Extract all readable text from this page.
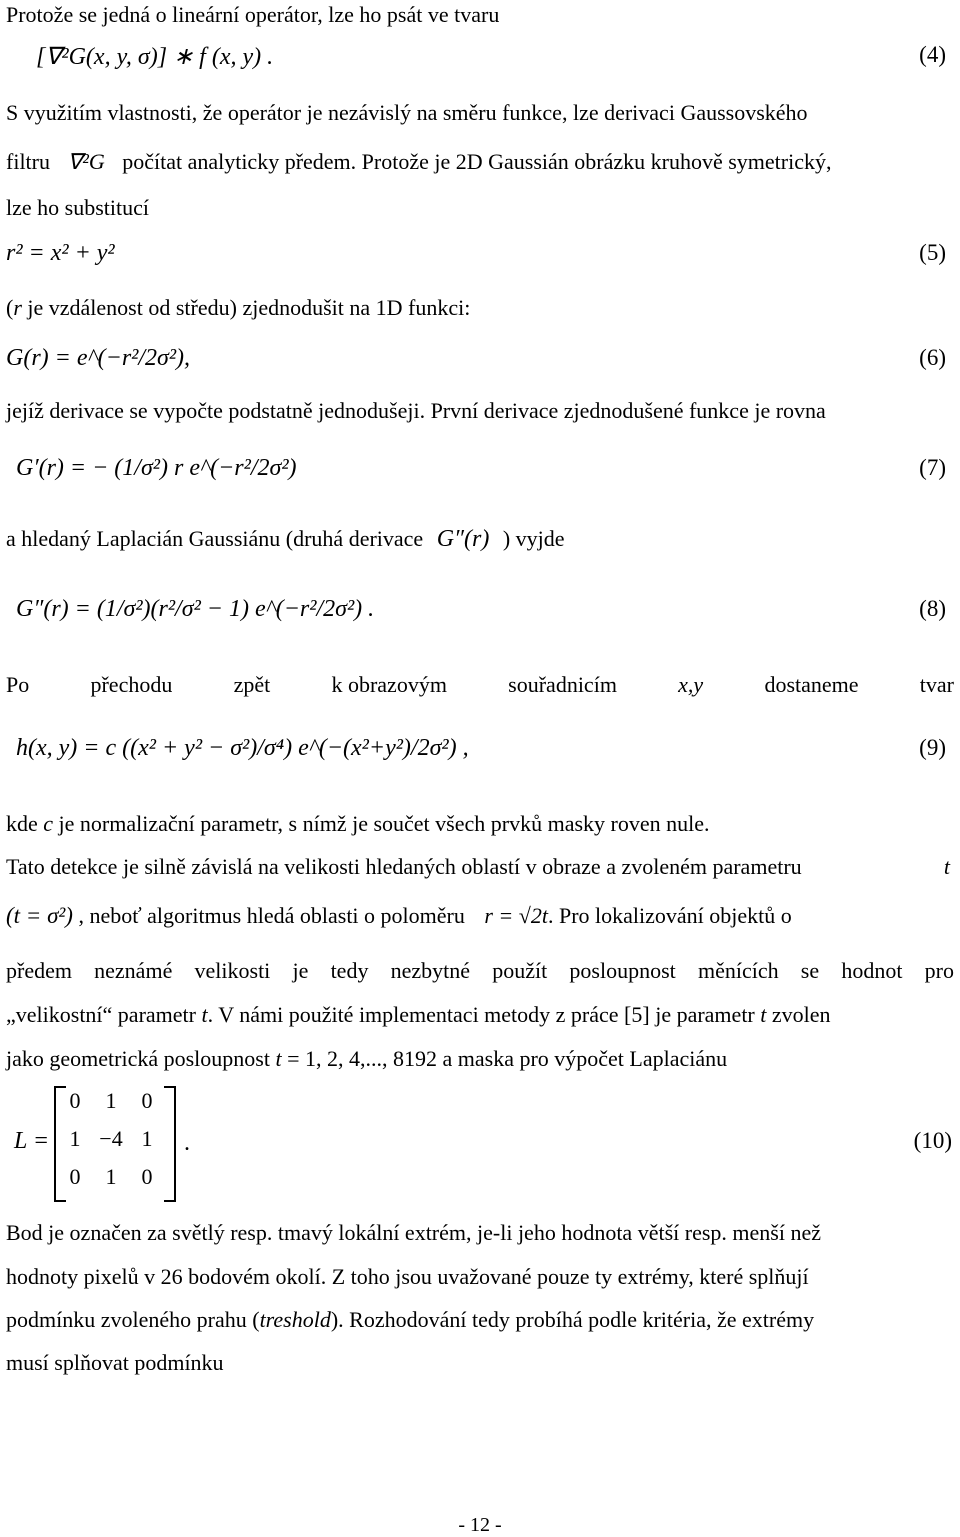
Protože se jedná o lineární operátor, lze ho psát ve tvaru
[∇²G(x, y, σ)] ∗ f (x, y) .	(4)
S využitím vlastnosti, že operátor je nezávislý na směru funkce, lze derivaci Gaussovského
filtru ∇²G počítat analyticky předem. Protože je 2D Gaussián obrázku kruhově symetrický,
lze ho substitucí
r² = x² + y²	(5)
(r je vzdálenost od středu) zjednodušit na 1D funkci:
G(r) = e^(−r²/2σ²),	(6)
jejíž derivace se vypočte podstatně jednodušeji. První derivace zjednodušené funkce je rovna
G′(r) = − (1/σ²) r e^(−r²/2σ²)	(7)
a hledaný Laplacián Gaussiánu (druhá derivace G″(r) ) vyjde
G″(r) = (1/σ²)(r²/σ² − 1) e^(−r²/2σ²) .	(8)
Po	přechodu	zpět	k obrazovým	souřadnicím	x,y	dostaneme	tvar
h(x, y) = c ((x² + y² − σ²)/σ⁴) e^(−(x²+y²)/2σ²) ,	(9)
kde c je normalizační parametr, s nímž je součet všech prvků masky roven nule.
Tato detekce je silně závislá na velikosti hledaných oblastí v obraze a zvoleném parametru	t
(t = σ²) , neboť algoritmus hledá oblasti o poloměru r = √2t. Pro lokalizování objektů o
předem neznámé velikosti je tedy nezbytné použít posloupnost měnících se hodnot pro
„velikostní“ parametr t. V námi použité implementaci metody z práce [5] je parametr t zvolen
jako geometrická posloupnost t = 1, 2, 4,..., 8192 a maska pro výpočet Laplaciánu
L =
0	1	0
1 −4 1
0	1	0
.	(10)
Bod je označen za světlý resp. tmavý lokální extrém, je-li jeho hodnota větší resp. menší než
hodnoty pixelů v 26 bodovém okolí. Z toho jsou uvažované pouze ty extrémy, které splňují
podmínku zvoleného prahu (treshold). Rozhodování tedy probíhá podle kritéria, že extrémy
musí splňovat podmínku
- 12 -
